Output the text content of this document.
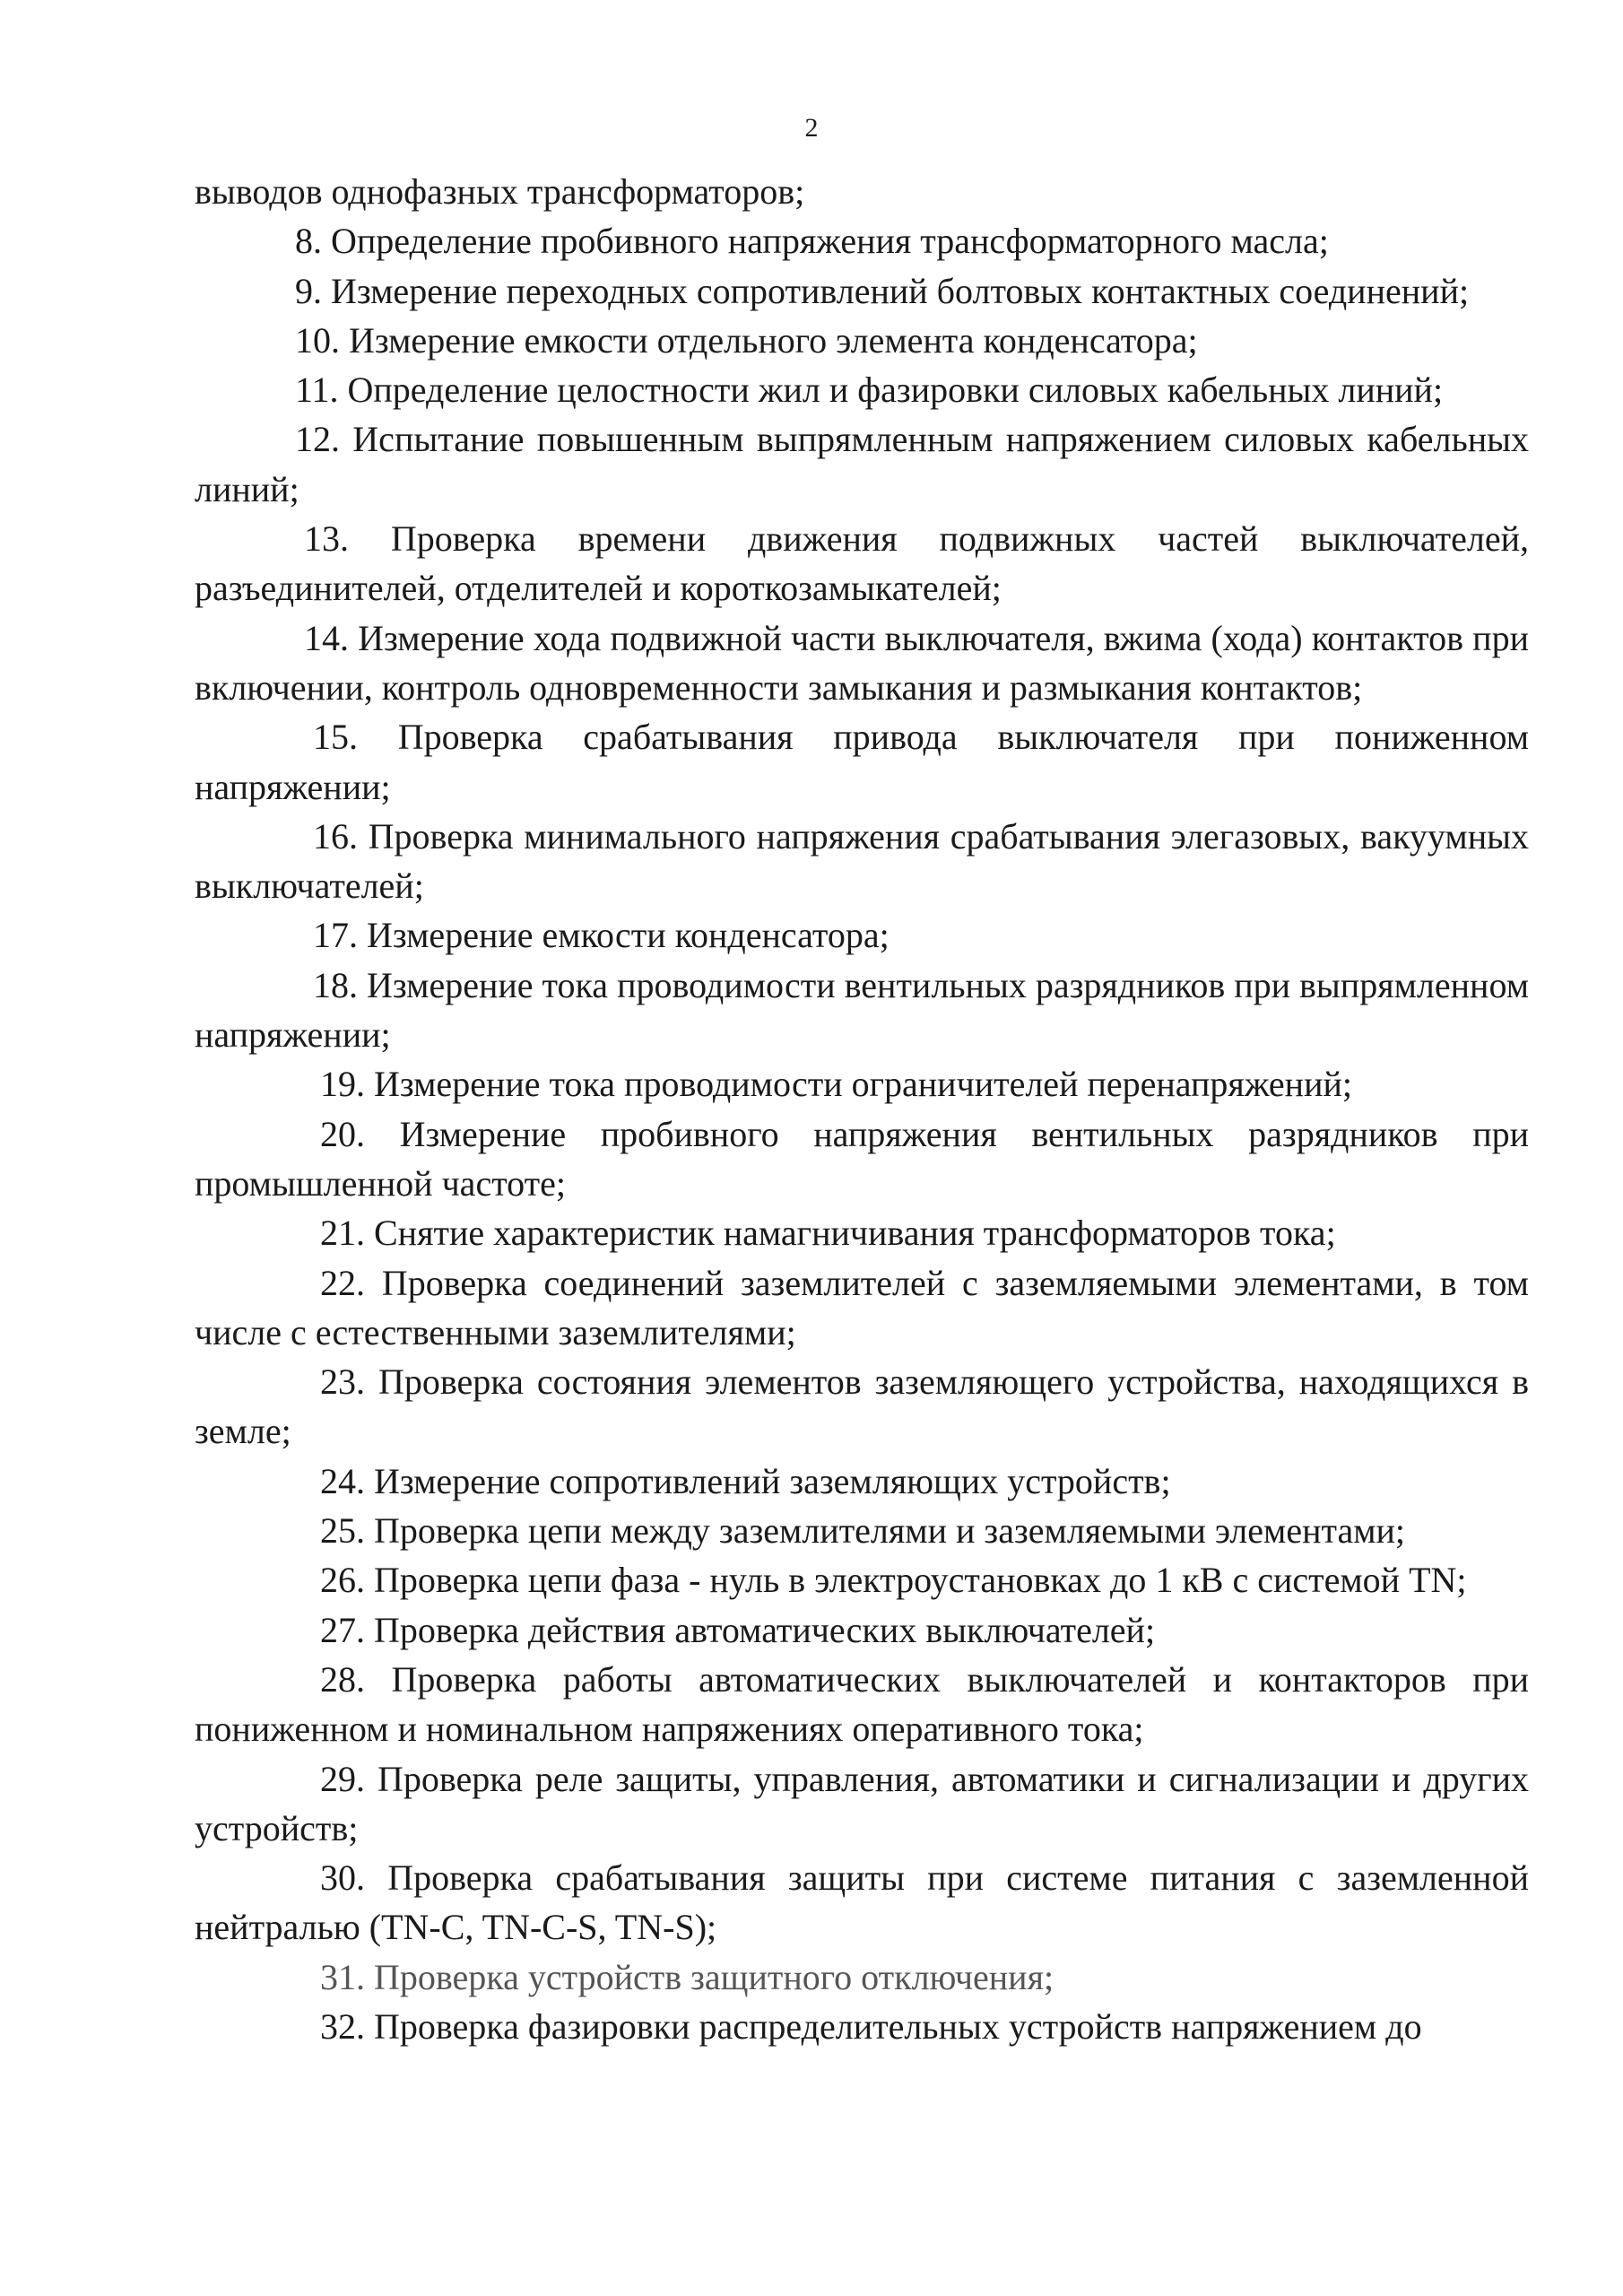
2

выводов однофазных трансформаторов;

8. Определение пробивного напряжения трансформаторного масла;

9. Измерение переходных сопротивлений болтовых контактных соединений;

10. Измерение емкости отдельного элемента конденсатора;

11. Определение целостности жил и фазировки силовых кабельных линий;

12. Испытание повышенным выпрямленным напряжением силовых кабельных линий;

13. Проверка времени движения подвижных частей выключателей, разъединителей, отделителей и короткозамыкателей;

14. Измерение хода подвижной части выключателя, вжима (хода) контактов при включении, контроль одновременности замыкания и размыкания контактов;

15. Проверка срабатывания привода выключателя при пониженном напряжении;

16. Проверка минимального напряжения срабатывания элегазовых, вакуумных выключателей;

17. Измерение емкости конденсатора;

18. Измерение тока проводимости вентильных разрядников при выпрямленном напряжении;

19. Измерение тока проводимости ограничителей перенапряжений;

20. Измерение пробивного напряжения вентильных разрядников при промышленной частоте;

21. Снятие характеристик намагничивания трансформаторов тока;

22. Проверка соединений заземлителей с заземляемыми элементами, в том числе с естественными заземлителями;

23. Проверка состояния элементов заземляющего устройства, находящихся в земле;

24. Измерение сопротивлений заземляющих устройств;

25. Проверка цепи между заземлителями и заземляемыми элементами;

26. Проверка цепи фаза - нуль в электроустановках до 1 кВ с системой TN;

27. Проверка действия автоматических выключателей;

28. Проверка работы автоматических выключателей и контакторов при пониженном и номинальном напряжениях оперативного тока;

29. Проверка реле защиты, управления, автоматики и сигнализации и других устройств;

30. Проверка срабатывания защиты при системе питания с заземленной нейтралью (TN-C, TN-C-S, TN-S);

31. Проверка устройств защитного отключения;

32. Проверка фазировки распределительных устройств напряжением до
